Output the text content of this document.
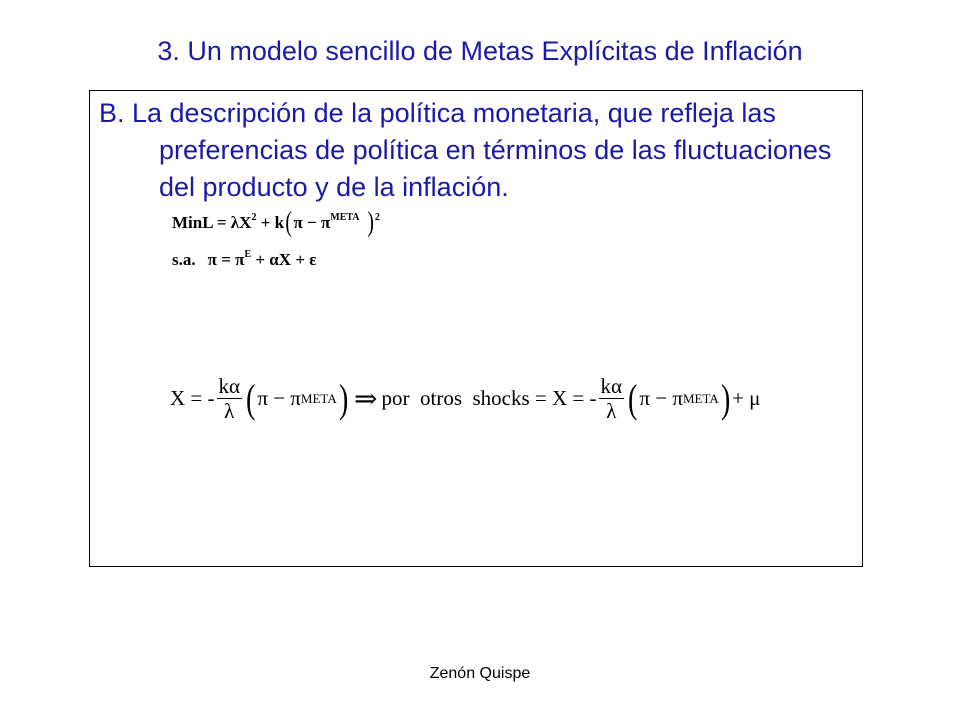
3. Un modelo sencillo de Metas Explícitas de Inflación
B. La descripción de la política monetaria, que refleja las preferencias de política en términos de las fluctuaciones del producto y de la inflación.
MinL = $\lambda X^2 + k(\pi - \pi^{META}$ )$^2$
s.a. $\pi = \pi^E + \alpha X + \varepsilon$
X = - $\frac{k\alpha}{\lambda}$ ( π − π META ) ⇒ por  otros  shocks = X = - $\frac{k\alpha}{\lambda}$ ( π − π META ) + μ
Zenón Quispe
